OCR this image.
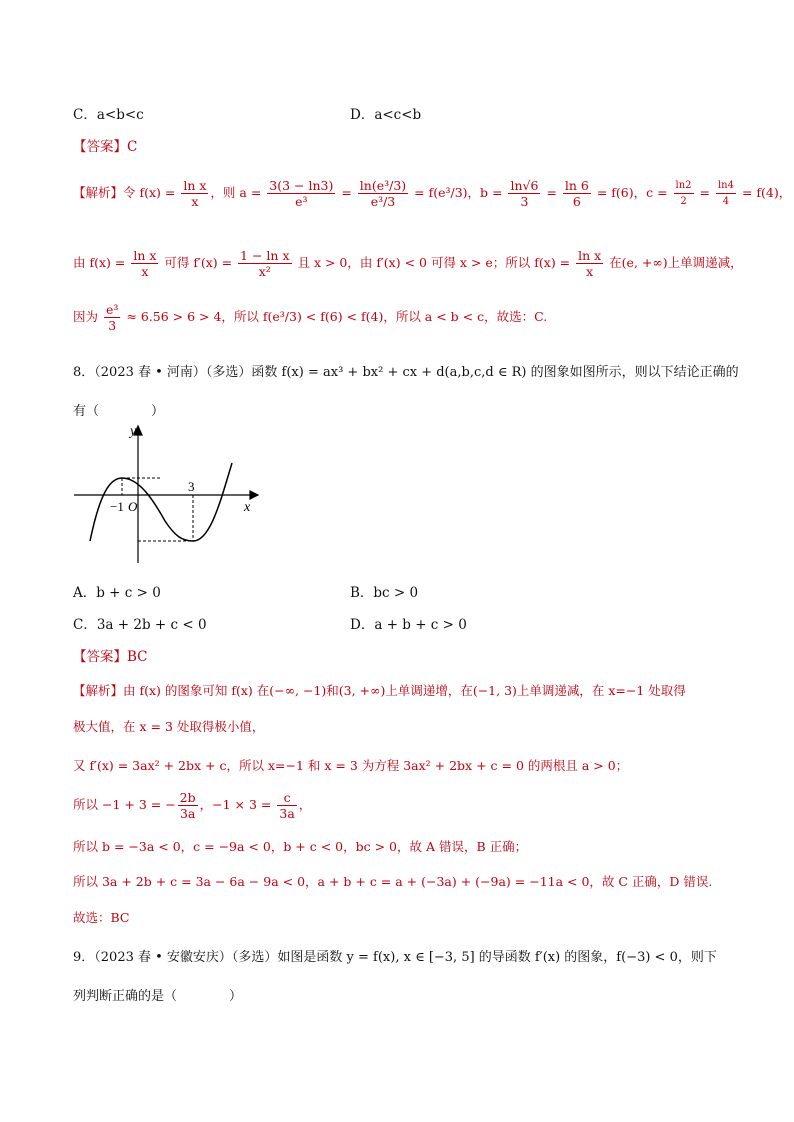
C．a<b<c	D．a<c<b
【答案】C
【解析】令 $f(x) = \frac{\text{ln x}}{x}$ ，则 $a = \frac{3(3 - \ln 3)}{\text{e³}} = \frac{\text{ln(e³/3)}}{\text{e³/3}} = f(e^3/3)$，$b = \frac{\ln√6}{3} = \frac{\ln 6}{6} = f(6)$，$c = \frac{\ln 2}{2} = \frac{\ln 4}{4} = f(4)$，
由 $f(x) = \frac{\text{ln x}}{x}$ 可得 $f'(x) = \frac{\text{1 − ln x}}{\text{x²}}$ 且 x > 0，由 f′(x) < 0 可得 x > e；所以 $f(x) = \frac{\text{ln x}}{x}$ 在(e, +∞)上单调递减，
因为 $\frac{\text{e³}}{3} \approx 6.56 > 6 > 4$，所以 f(e³/3) < f(6) < f(4)，所以 a < b < c，故选：C.
8．（2023 春 • 河南）（多选）函数 f(x) = ax³ + bx² + cx + d(a,b,c,d ∈ R) 的图象如图所示，则以下结论正确的
有（　　　　）
y
x
−1 O
3
A．b + c > 0	B．bc > 0
C．3a + 2b + c < 0	D．a + b + c > 0
【答案】BC
【解析】由 f(x) 的图象可知 f(x) 在(−∞, −1)和(3, +∞)上单调递增，在(−1, 3)上单调递减，在 x=−1 处取得
极大值，在 x = 3 处取得极小值，
又 f′(x) = 3ax² + 2bx + c，所以 x=−1 和 x = 3 为方程 3ax² + 2bx + c = 0 的两根且 a > 0；
所以 −1 + 3 = − $\frac{2b}{3a}$ ，$-1 \times 3 = \frac{c}{3a}$ ，
所以 b = −3a < 0，c = −9a < 0，b + c < 0，bc > 0，故 A 错误，B 正确；
所以 3a + 2b + c = 3a − 6a − 9a < 0，a + b + c = a + (−3a) + (−9a) = −11a < 0，故 C 正确，D 错误.
故选：BC
9．（2023 春 • 安徽安庆）（多选）如图是函数 y = f(x), x ∈ [−3, 5] 的导函数 f′(x) 的图象，f(−3) < 0，则下
列判断正确的是（　　　　）
